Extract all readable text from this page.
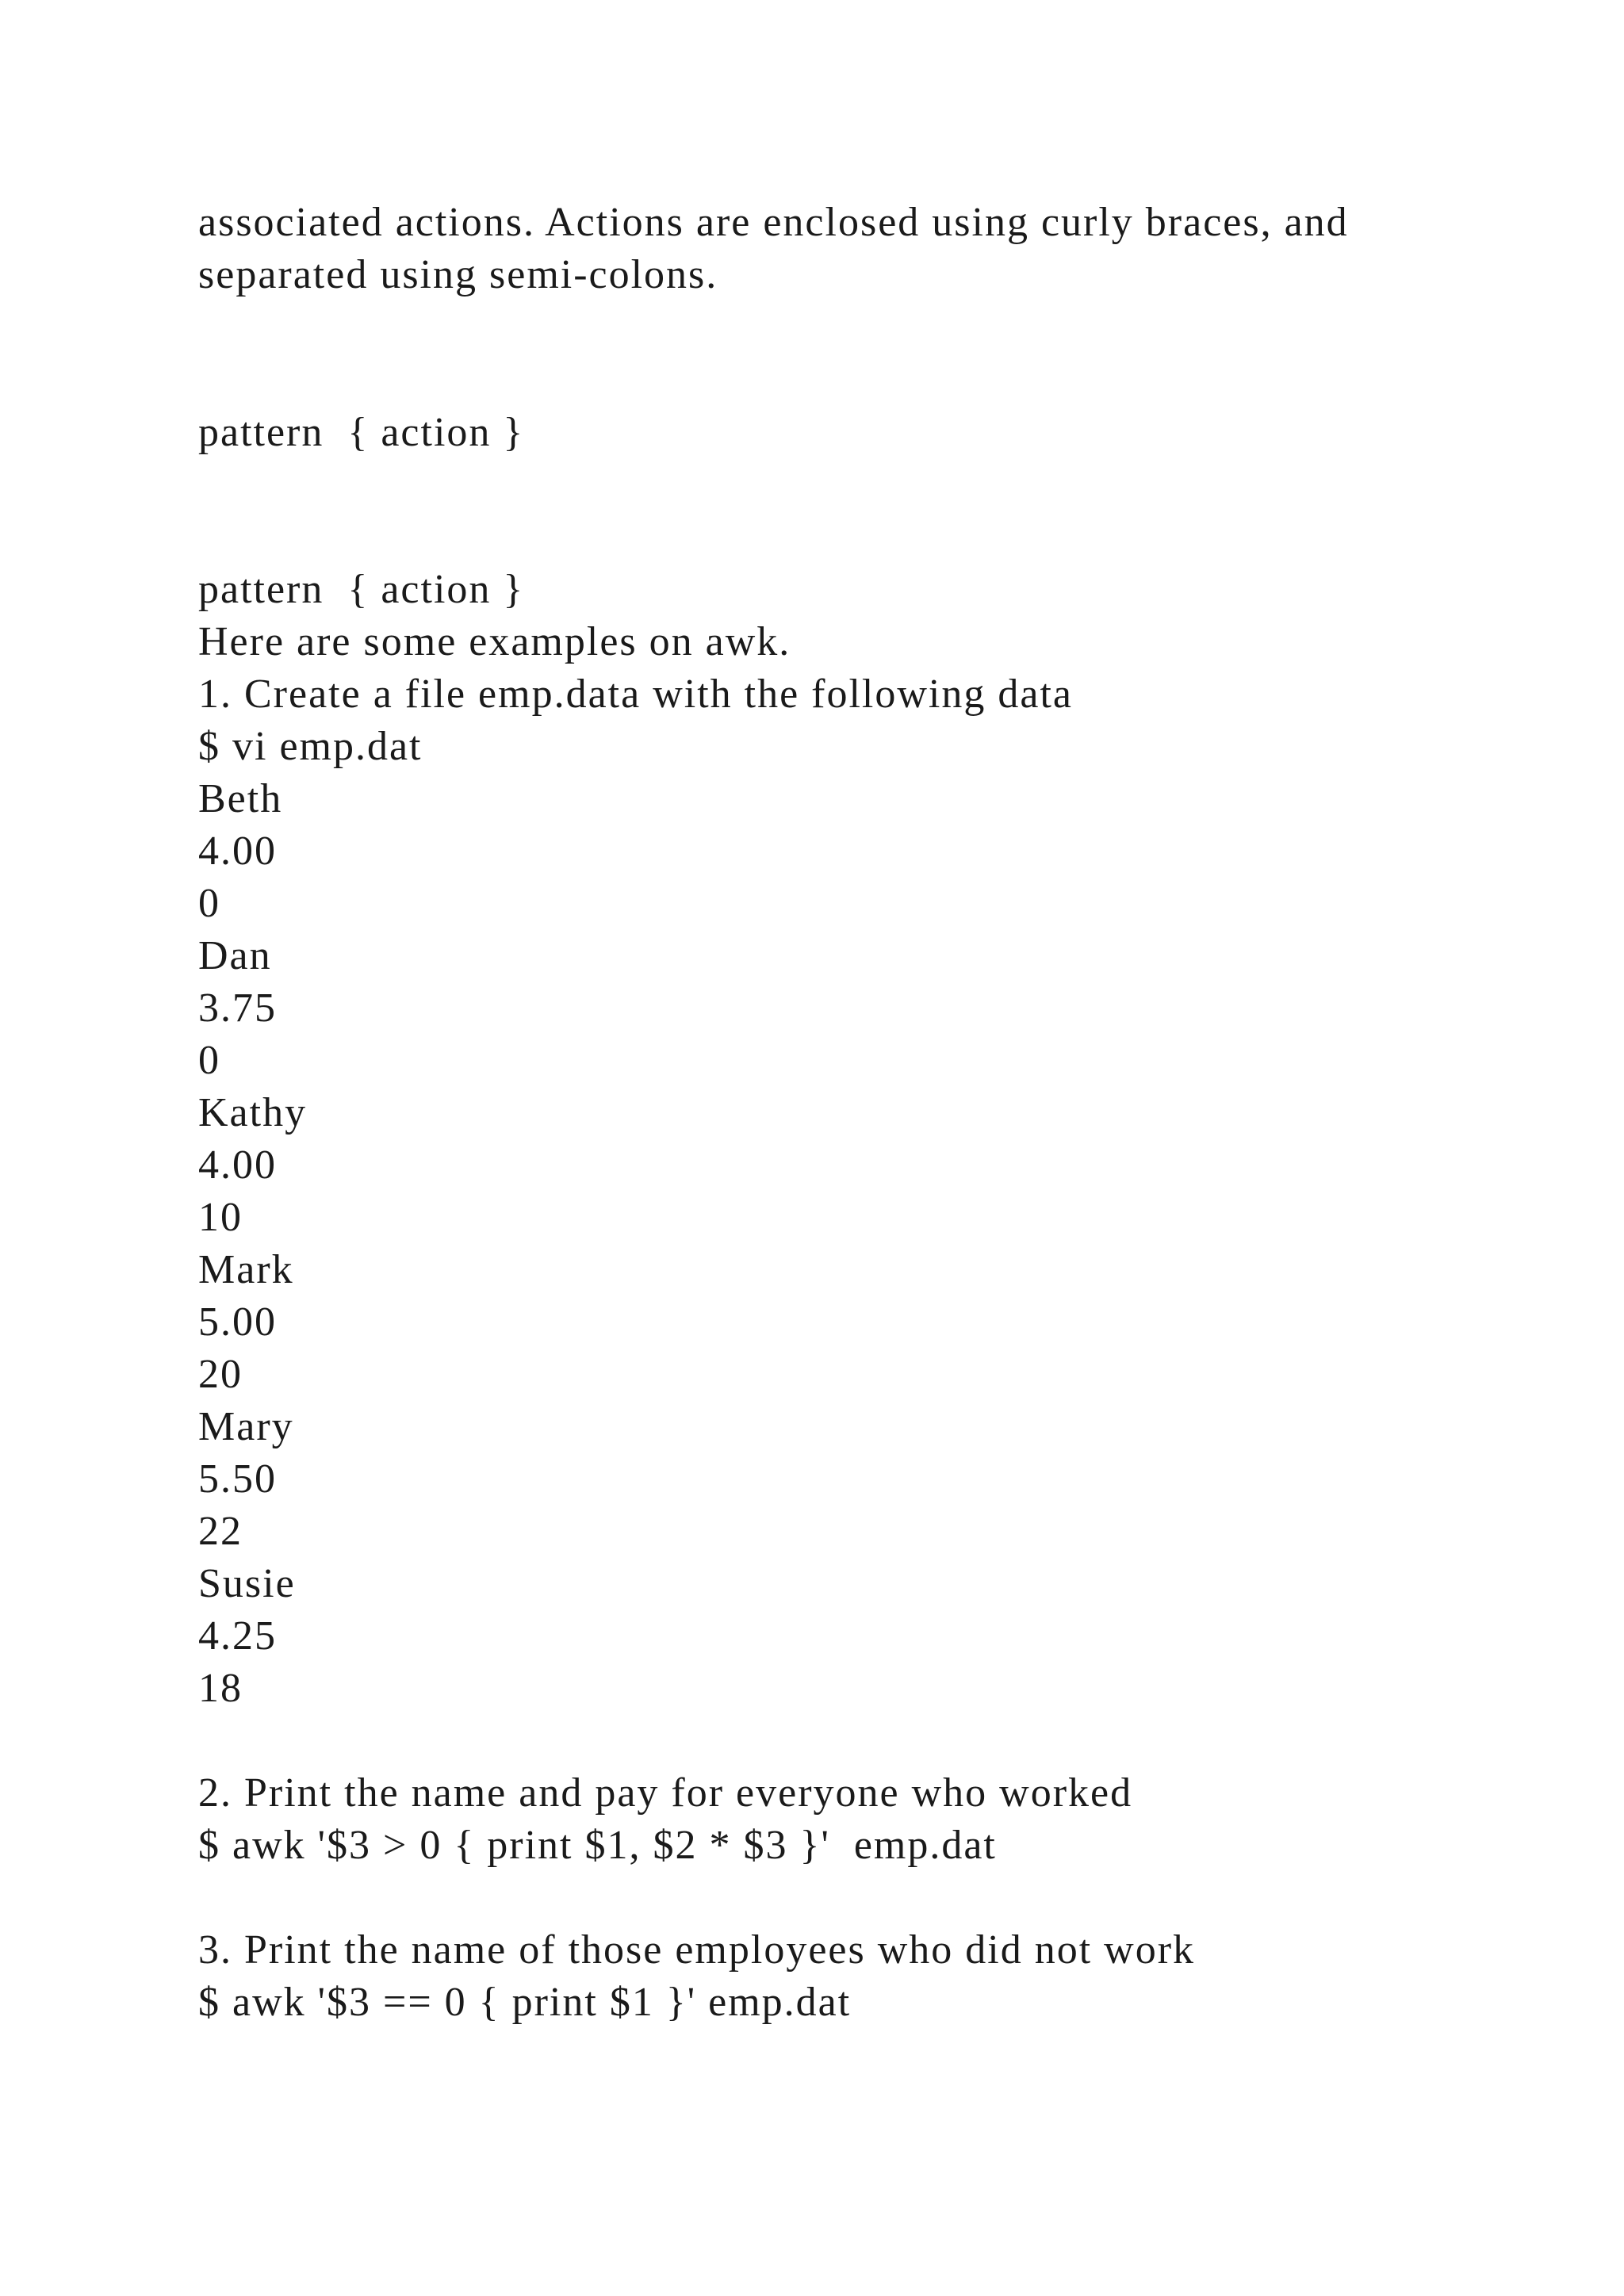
associated actions. Actions are enclosed using curly braces, and

separated using semi-colons.

pattern  { action }

pattern  { action }

Here are some examples on awk.

1. Create a file emp.data with the following data

$ vi emp.dat

Beth

4.00

0

Dan

3.75

0

Kathy

4.00

10

Mark

5.00

20

Mary

5.50

22

Susie

4.25

18

2. Print the name and pay for everyone who worked

$ awk '$3 > 0 { print $1, $2 * $3 }'  emp.dat

3. Print the name of those employees who did not work

$ awk '$3 == 0 { print $1 }' emp.dat
